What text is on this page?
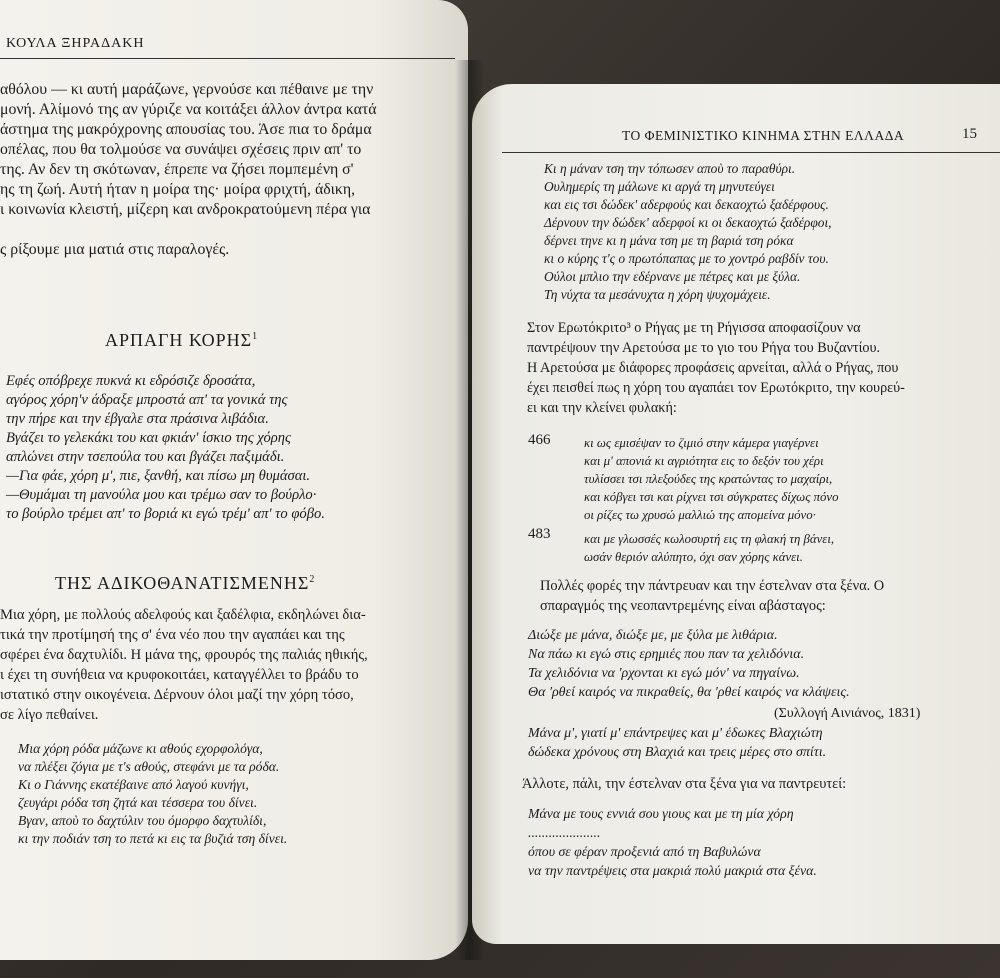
ΚΟΥΛΑ ΞΗΡΑΔΑΚΗ
αθόλου — κι αυτή μαράζωνε, γερνούσε και πέθαινε με την
μονή. Αλίμονό της αν γύριζε να κοιτάξει άλλον άντρα κατά
άστημα της μακρόχρονης απουσίας του. Άσε πια το δράμα
οπέλας, που θα τολμούσε να συνάψει σχέσεις πριν απ' το
της. Αν δεν τη σκότωναν, έπρεπε να ζήσει πομπεμένη σ'
ης τη ζωή. Αυτή ήταν η μοίρα της· μοίρα φριχτή, άδικη,
ι κοινωνία κλειστή, μίζερη και ανδροκρατούμενη πέρα για
ς ρίξουμε μια ματιά στις παραλογές.
ΑΡΠΑΓΗ ΚΟΡΗΣ$^1$
Εφές οπόβρεχε πυκνά κι εδρόσιζε δροσάτα,
αγόρος χόρη'ν άδραξε μπροστά απ' τα γονικά της
την πήρε και την έβγαλε στα πράσινα λιβάδια.
Βγάζει το γελεκάκι του και φκιάν' ίσκιο της χόρης
απλώνει στην τσεπούλα του και βγάζει παξιμάδι.
—Για φάε, χόρη μ', πιε, ξανθή, και πίσω μη θυμάσαι.
—Θυμάμαι τη μανούλα μου και τρέμω σαν το βούρλο·
το βούρλο τρέμει απ' το βοριά κι εγώ τρέμ' απ' το φόβο.
ΤΗΣ ΑΔΙΚΟΘΑΝΑΤΙΣΜΕΝΗΣ$^2$
Μια χόρη, με πολλούς αδελφούς και ξαδέλφια, εκδηλώνει δια-
τικά την προτίμησή της σ' ένα νέο που την αγαπάει και της
σφέρει ένα δαχτυλίδι. Η μάνα της, φρουρός της παλιάς ηθικής,
ι έχει τη συνήθεια να κρυφοκοιτάει, καταγγέλλει το βράδυ το
ιστατικό στην οικογένεια. Δέρνουν όλοι μαζί την χόρη τόσο,
σε λίγο πεθαίνει.
Μια χόρη ρόδα μάζωνε κι αθούς εχορφολόγα,
να πλέξει ζόγια με τ's αθούς, στεφάνι με τα ρόδα.
Κι ο Γιάννης εκατέβαινε από λαγού κυνήγι,
ζευγάρι ρόδα τση ζητά και τέσσερα του δίνει.
Βγαν, αποὺ το δαχτύλιν του όμορφο δαχτυλίδι,
κι την ποδιάν τση το πετά κι εις τα βυζιά τση δίνει.
ΤΟ ΦΕΜΙΝΙΣΤΙΚΟ ΚΙΝΗΜΑ ΣΤΗΝ ΕΛΛΑΔΑ	15
Κι η μάναν τση την τόπωσεν αποὺ το παραθύρι.
Ουλημερίς τη μάλωνε κι αργά τη μηνυτεύγει
και εις τσι δώδεκ' αδερφούς και δεκαοχτώ ξαδέρφους.
Δέρνουν την δώδεκ' αδερφοί κι οι δεκαοχτώ ξαδέρφοι,
δέρνει τηνε κι η μάνα τση με τη βαριά τση ρόκα
κι ο κύρης τ'ς ο πρωτόπαπας με το χοντρό ραβδίν του.
Ούλοι μπλιο την εδέρνανε με πέτρες και με ξύλα.
Τη νύχτα τα μεσάνυχτα η χόρη ψυχομάχειε.
Στον Ερωτόκριτο³ ο Ρήγας με τη Ρήγισσα αποφασίζουν να
παντρέψουν την Αρετούσα με το γιο του Ρήγα του Βυζαντίου.
Η Αρετούσα με διάφορες προφάσεις αρνείται, αλλά ο Ρήγας, που
έχει πεισθεί πως η χόρη του αγαπάει τον Ερωτόκριτο, την κουρεύ-
ει και την κλείνει φυλακή:
466	κι ως εμισέψαν το ζιμιό στην κάμερα γιαγέρνει
και μ' απονιά κι αγριότητα εις το δεξόν του χέρι
τυλίσσει τσι πλεξούδες της κρατώντας το μαχαίρι,
και κόβγει τσι και ρίχνει τσι σύγκρατες δίχως πόνο
οι ρίζες τω χρυσώ μαλλιώ της απομείνα μόνο·
483	και με γλωσσές κωλοσυρτή εις τη φλακή τη βάνει,
ωσάν θεριόν αλύπητο, όχι σαν χόρης κάνει.
Πολλές φορές την πάντρευαν και την έστελναν στα ξένα. Ο
σπαραγμός της νεοπαντρεμένης είναι αβάσταγος:
Διώξε με μάνα, διώξε με, με ξύλα με λιθάρια.
Να πάω κι εγώ στις ερημιές που παν τα χελιδόνια.
Τα χελιδόνια να 'ρχονται κι εγώ μόν' να πηγαίνω.
Θα 'ρθεί καιρός να πικραθείς, θα 'ρθεί καιρός να κλάψεις.
(Συλλογή Αινιάνος, 1831)
Μάνα μ', γιατί μ' επάντρεψες και μ' έδωκες Βλαχιώτη
δώδεκα χρόνους στη Βλαχιά και τρεις μέρες στο σπίτι.
Άλλοτε, πάλι, την έστελναν στα ξένα για να παντρευτεί:
Μάνα με τους εννιά σου γιους και με τη μία χόρη
.....................
όπου σε φέραν προξενιά από τη Βαβυλώνα
να την παντρέψεις στα μακριά πολύ μακριά στα ξένα.
